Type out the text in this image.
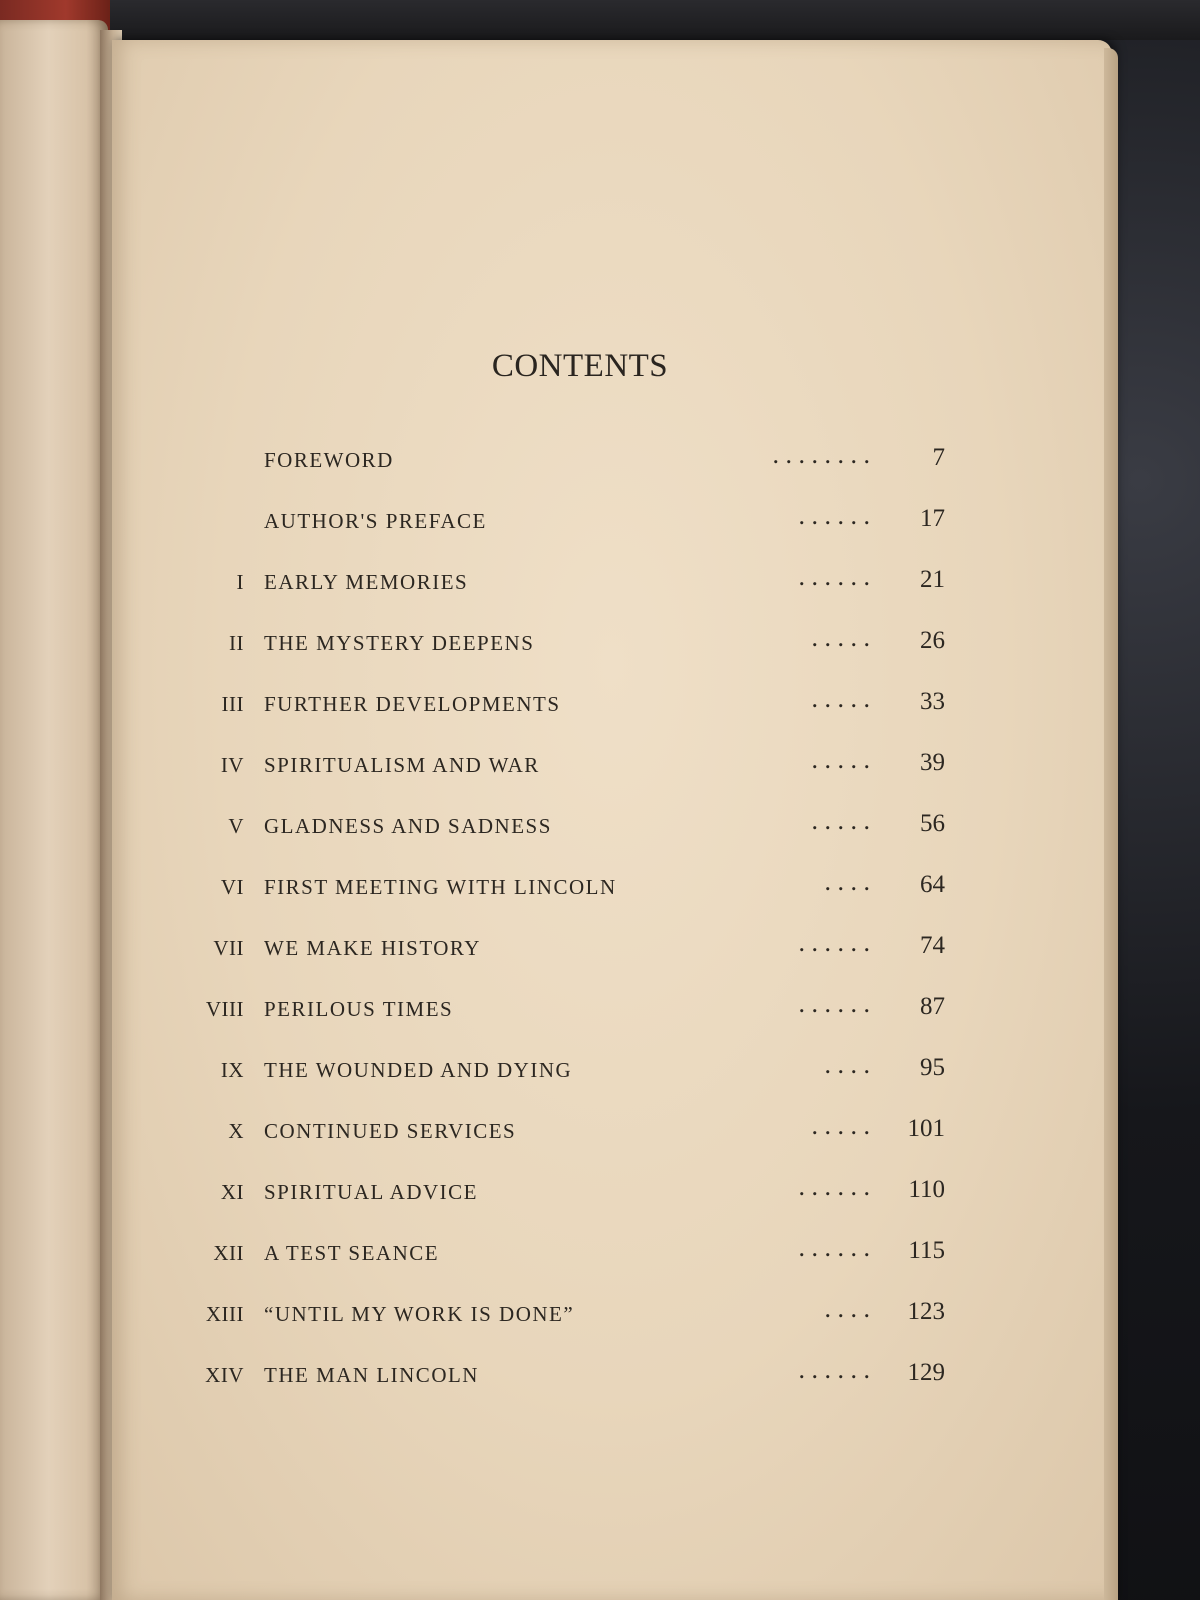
CONTENTS
FOREWORD	. . . . . . . .	7
AUTHOR'S PREFACE	. . . . . .	17
I EARLY MEMORIES	. . . . . .	21
II THE MYSTERY DEEPENS	. . . . .	26
III FURTHER DEVELOPMENTS	. . . . .	33
IV SPIRITUALISM AND WAR	. . . . .	39
V GLADNESS AND SADNESS	. . . . .	56
VI FIRST MEETING WITH LINCOLN	. . . .	64
VII WE MAKE HISTORY	. . . . . .	74
VIII PERILOUS TIMES	. . . . . .	87
IX THE WOUNDED AND DYING	. . . .	95
X CONTINUED SERVICES	. . . . .	101
XI SPIRITUAL ADVICE	. . . . . .	110
XII A TEST SEANCE	. . . . . .	115
XIII “UNTIL MY WORK IS DONE”	. . . .	123
XIV THE MAN LINCOLN	. . . . . .	129
